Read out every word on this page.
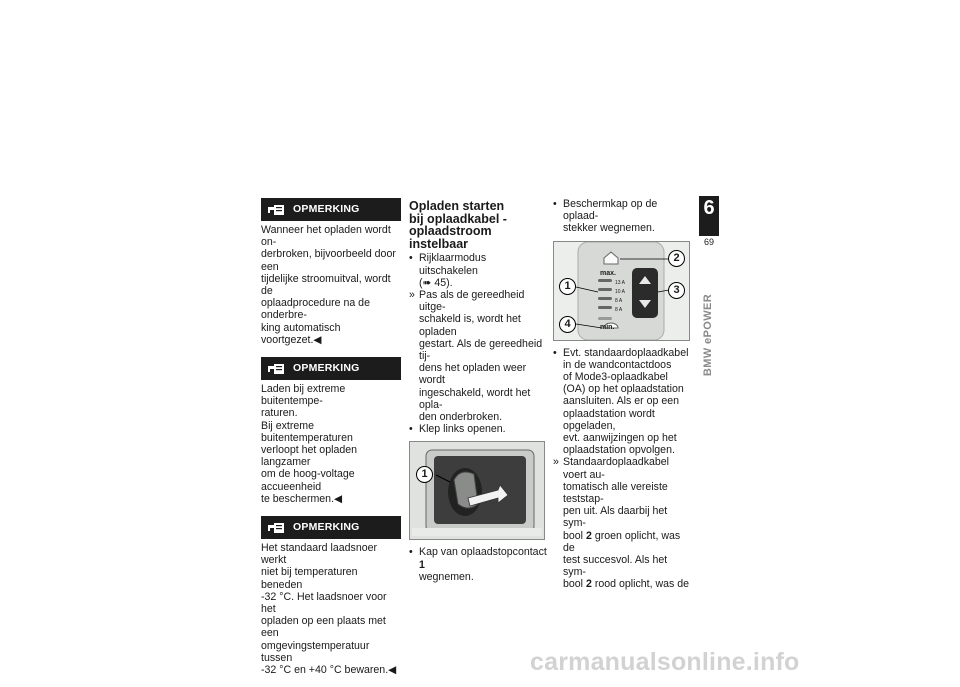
OPMERKING
Wanneer het opladen wordt on-
derbroken, bijvoorbeeld door een
tijdelijke stroomuitval, wordt de
oplaadprocedure na de onderbre-
king automatisch voortgezet.◀
OPMERKING
Laden bij extreme buitentempe-
raturen.
Bij extreme buitentemperaturen
verloopt het opladen langzamer
om de hoog-voltage accueenheid
te beschermen.◀
OPMERKING
Het standaard laadsnoer werkt
niet bij temperaturen beneden
-32 °C. Het laadsnoer voor het
opladen op een plaats met een
omgevingstemperatuur tussen
-32 °C en +40 °C bewaren.◀
Opladen starten
bij oplaadkabel -
oplaadstroom instelbaar
• Rijklaarmodus uitschakelen
(➠ 45).
» Pas als de gereedheid uitge-
schakeld is, wordt het opladen
gestart. Als de gereedheid tij-
dens het opladen weer wordt
ingeschakeld, wordt het opla-
den onderbroken.
• Klep links openen.
1
• Kap van oplaadstopcontact 1
wegnemen.
• Beschermkap op de oplaad-
stekker wegnemen.
max.
13 A
10 A
8 A
8 A
min.
1
2
3
4
• Evt. standaardoplaadkabel
in de wandcontactdoos
of Mode3-oplaadkabel
(OA) op het oplaadstation
aansluiten. Als er op een
oplaadstation wordt opgeladen,
evt. aanwijzingen op het
oplaadstation opvolgen.
» Standaardoplaadkabel voert au-
tomatisch alle vereiste teststap-
pen uit. Als daarbij het sym-
bool 2 groen oplicht, was de
test succesvol. Als het sym-
bool 2 rood oplicht, was de
6
69
BMW ePOWER
carmanualsonline.info
